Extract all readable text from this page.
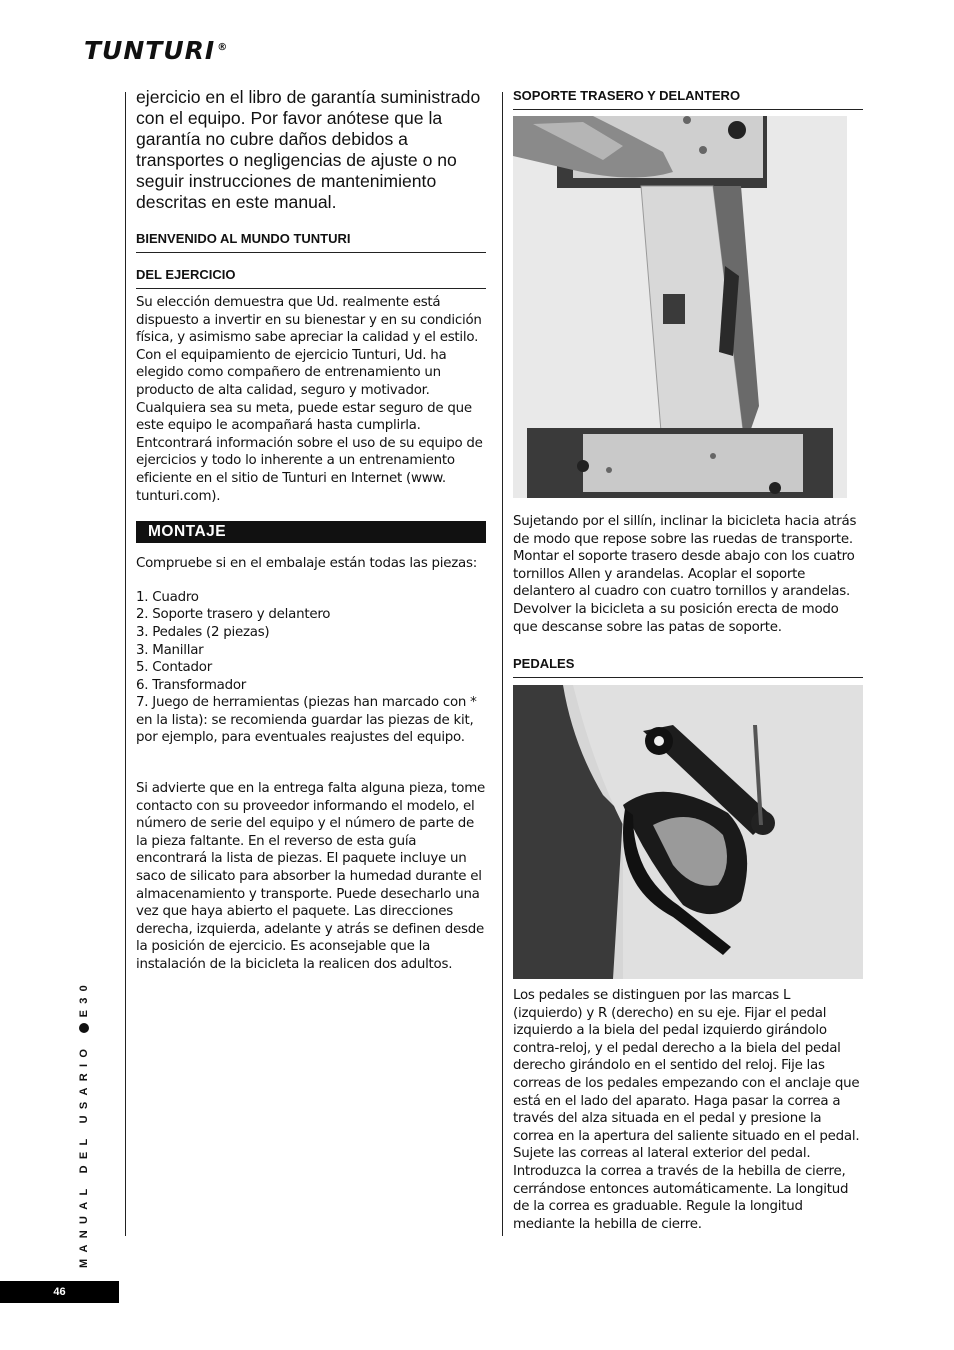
TUNTURI ®

ejercicio en el libro de garantía suministrado con el equipo. Por favor anótese que la garantía no cubre daños debidos a transportes o negligencias de ajuste o no seguir instrucciones de mantenimiento descritas en este manual.

BIENVENIDO AL MUNDO TUNTURI

DEL EJERCICIO

Su elección demuestra que Ud. realmente está dispuesto a invertir en su bienestar y en su condición física, y asimismo sabe apreciar la calidad y el estilo. Con el equipamiento de ejercicio Tunturi, Ud. ha elegido como compañero de entrenamiento un producto de alta calidad, seguro y motivador. Cualquiera sea su meta, puede estar seguro de que este equipo le acompañará hasta cumplirla. Entcontrará información sobre el uso de su equipo de ejercicios y todo lo inherente a un entrenamiento eficiente en el sitio de Tunturi en Internet (www. tunturi.com).

MONTAJE

Compruebe si en el embalaje están todas las piezas:

1. Cuadro

2. Soporte trasero y delantero

3. Pedales (2 piezas)

3. Manillar

5. Contador

6. Transformador

7. Juego de herramientas (piezas han marcado con * en la lista): se recomienda guardar las piezas de kit, por ejemplo, para eventuales reajustes del equipo.

Si advierte que en la entrega falta alguna pieza, tome contacto con su proveedor informando el modelo, el número de serie del equipo y el número de parte de la pieza faltante. En el reverso de esta guía encontrará la lista de piezas. El paquete incluye un saco de silicato para absorber la humedad durante el almacenamiento y transporte. Puede desecharlo una vez que haya abierto el paquete. Las direcciones derecha, izquierda, adelante y atrás se definen desde la posición de ejercicio. Es aconsejable que la instalación de la bicicleta la realicen dos adultos.

SOPORTE TRASERO Y DELANTERO

Sujetando por el sillín, inclinar la bicicleta hacia atrás de modo que repose sobre las ruedas de transporte. Montar el soporte trasero desde abajo con los cuatro tornillos Allen y arandelas. Acoplar el soporte delantero al cuadro con cuatro tornillos y arandelas. Devolver la bicicleta a su posición erecta de modo que descanse sobre las patas de soporte.

PEDALES

Los pedales se distinguen por las marcas L (izquierdo) y R (derecho) en su eje. Fijar el pedal izquierdo a la biela del pedal izquierdo girándolo contra-reloj, y el pedal derecho a la biela del pedal derecho girándolo en el sentido del reloj. Fije las correas de los pedales empezando con el anclaje que está en el lado del aparato. Haga pasar la correa a través del alza situada en el pedal y presione la correa en la apertura del saliente situado en el pedal. Sujete las correas al lateral exterior del pedal. Introduzca la correa a través de la hebilla de cierre, cerrándose entonces automáticamente. La longitud de la correa es graduable. Regule la longitud mediante la hebilla de cierre.

MANUAL DEL USARIO E30
46
